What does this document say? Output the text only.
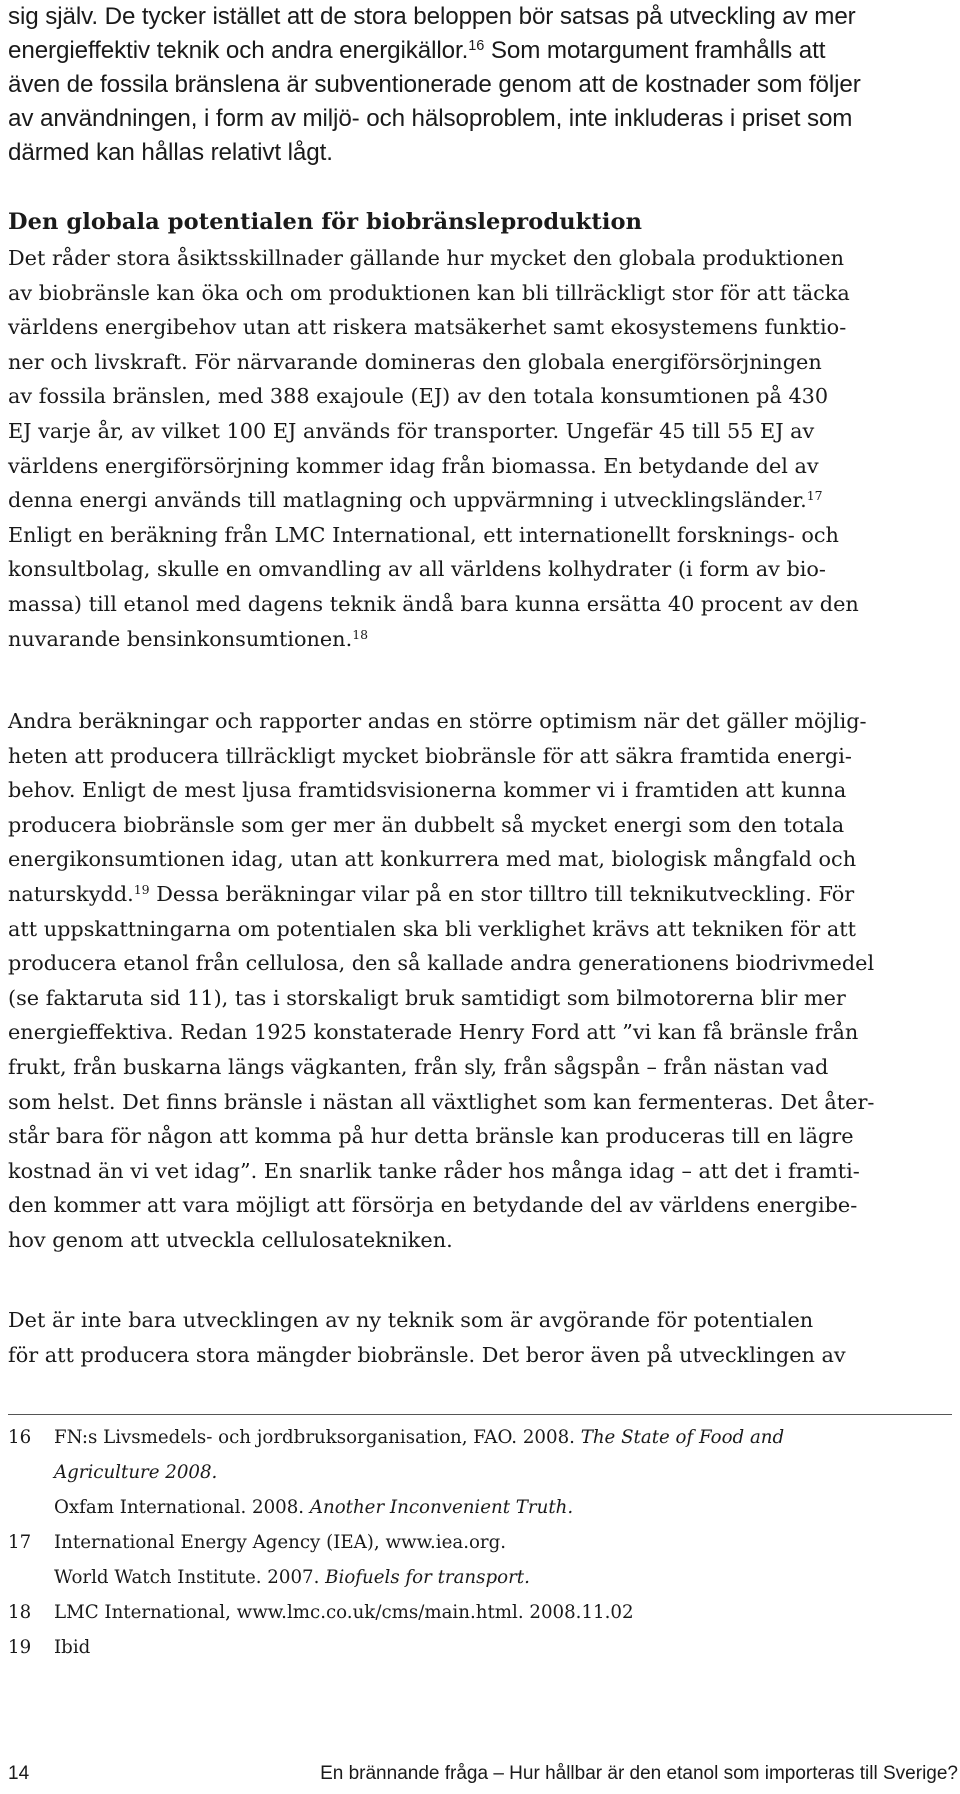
sig själv. De tycker istället att de stora beloppen bör satsas på utveckling av mer
energieffektiv teknik och andra energikällor.$^{16}$ Som motargument framhålls att
även de fossila bränslena är subventionerade genom att de kostnader som följer
av användningen, i form av miljö- och hälsoproblem, inte inkluderas i priset som
därmed kan hållas relativt lågt.
Den globala potentialen för biobränsleproduktion
Det råder stora åsiktsskillnader gällande hur mycket den globala produktionen
av biobränsle kan öka och om produktionen kan bli tillräckligt stor för att täcka
världens energibehov utan att riskera matsäkerhet samt ekosystemens funktio-
ner och livskraft. För närvarande domineras den globala energiförsörjningen
av fossila bränslen, med 388 exajoule (EJ) av den totala konsumtionen på 430
EJ varje år, av vilket 100 EJ används för transporter. Ungefär 45 till 55 EJ av
världens energiförsörjning kommer idag från biomassa. En betydande del av
denna energi används till matlagning och uppvärmning i utvecklingsländer.$^{17}$
Enligt en beräkning från LMC International, ett internationellt forsknings- och
konsultbolag, skulle en omvandling av all världens kolhydrater (i form av bio-
massa) till etanol med dagens teknik ändå bara kunna ersätta 40 procent av den
nuvarande bensinkonsumtionen.$^{18}$
Andra beräkningar och rapporter andas en större optimism när det gäller möjlig-
heten att producera tillräckligt mycket biobränsle för att säkra framtida energi-
behov. Enligt de mest ljusa framtidsvisionerna kommer vi i framtiden att kunna
producera biobränsle som ger mer än dubbelt så mycket energi som den totala
energikonsumtionen idag, utan att konkurrera med mat, biologisk mångfald och
naturskydd.$^{19}$ Dessa beräkningar vilar på en stor tilltro till teknikutveckling. För
att uppskattningarna om potentialen ska bli verklighet krävs att tekniken för att
producera etanol från cellulosa, den så kallade andra generationens biodrivmedel
(se faktaruta sid 11), tas i storskaligt bruk samtidigt som bilmotorerna blir mer
energieffektiva. Redan 1925 konstaterade Henry Ford att ”vi kan få bränsle från
frukt, från buskarna längs vägkanten, från sly, från sågspån – från nästan vad
som helst. Det finns bränsle i nästan all växtlighet som kan fermenteras. Det åter-
står bara för någon att komma på hur detta bränsle kan produceras till en lägre
kostnad än vi vet idag”. En snarlik tanke råder hos många idag – att det i framti-
den kommer att vara möjligt att försörja en betydande del av världens energibe-
hov genom att utveckla cellulosatekniken.
Det är inte bara utvecklingen av ny teknik som är avgörande för potentialen
för att producera stora mängder biobränsle. Det beror även på utvecklingen av
16 FN:s Livsmedels- och jordbruksorganisation, FAO. 2008. The State of Food and
Agriculture 2008.
Oxfam International. 2008. Another Inconvenient Truth.
17 International Energy Agency (IEA), www.iea.org.
World Watch Institute. 2007. Biofuels for transport.
18 LMC International, www.lmc.co.uk/cms/main.html. 2008.11.02
19 Ibid
14	En brännande fråga – Hur hållbar är den etanol som importeras till Sverige?
